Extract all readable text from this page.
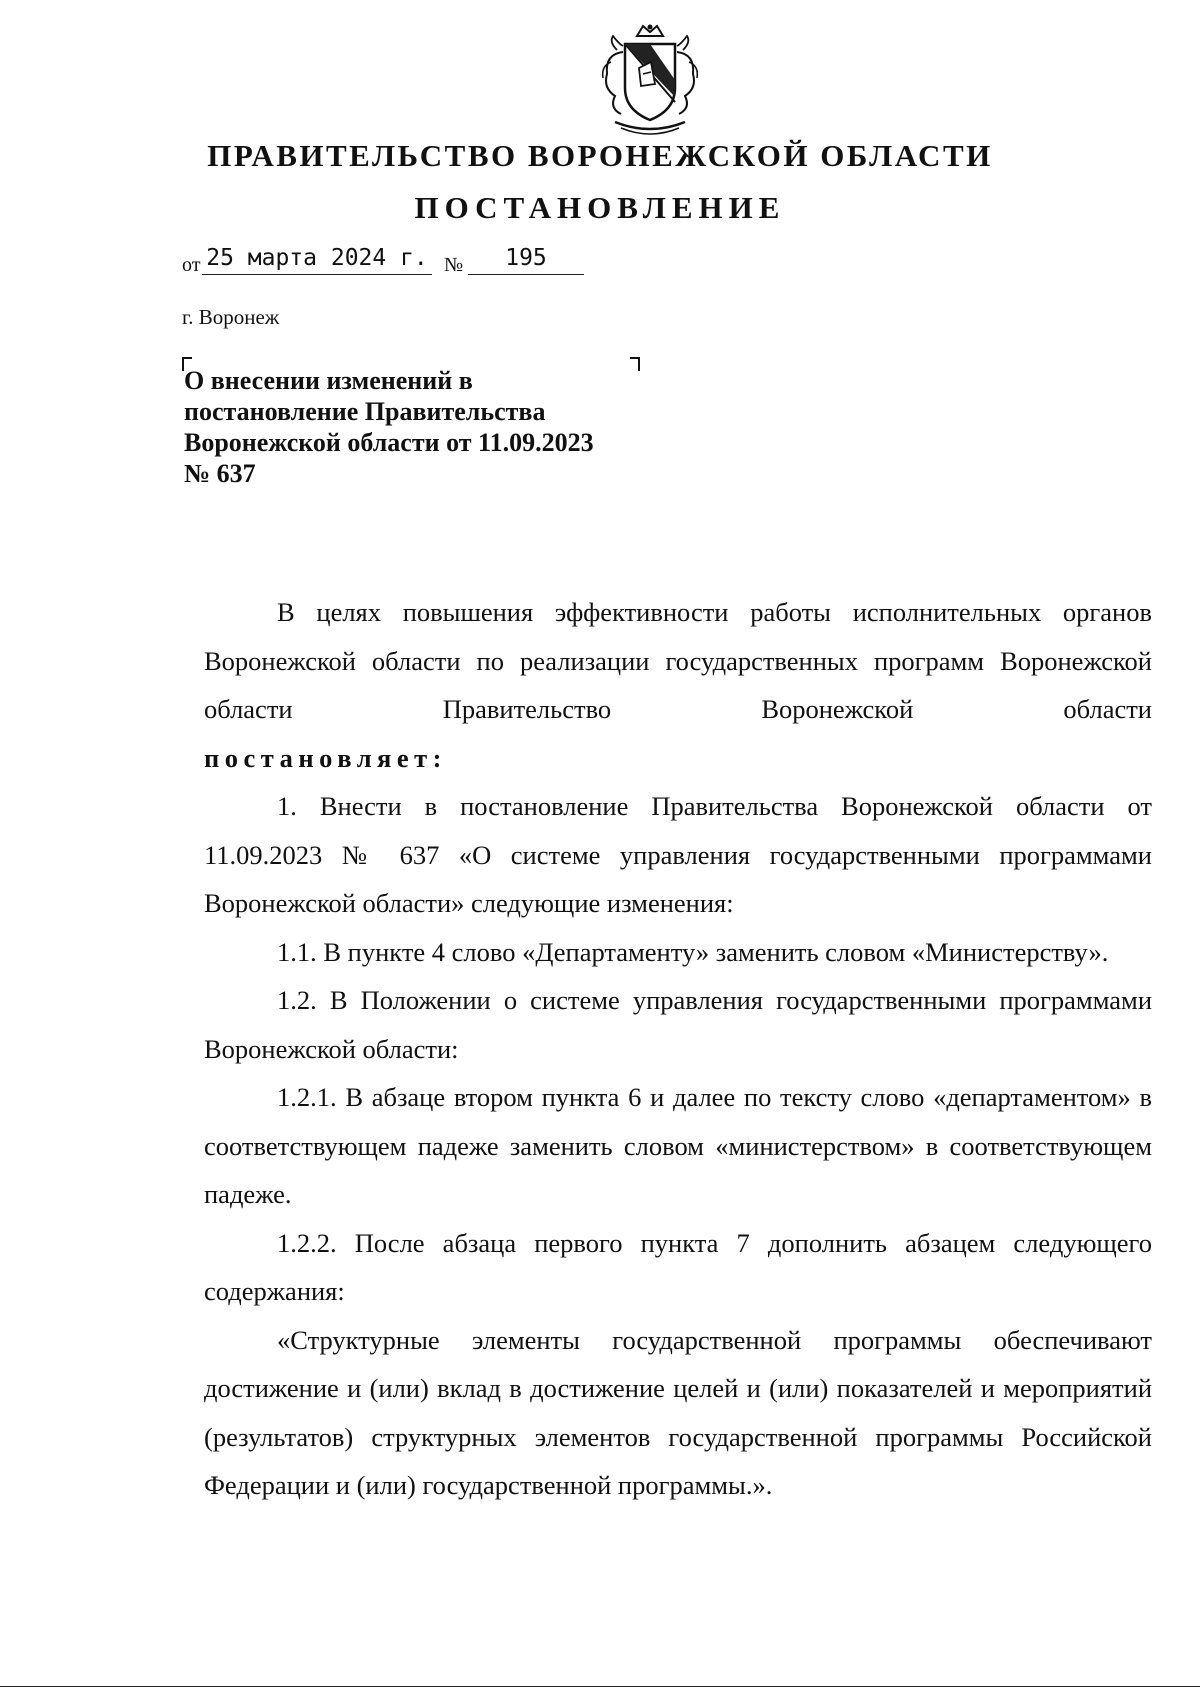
ПРАВИТЕЛЬСТВО ВОРОНЕЖСКОЙ ОБЛАСТИ
ПОСТАНОВЛЕНИЕ
от 25 марта 2024 г. №	195
г. Воронеж
О внесении изменений в
постановление Правительства
Воронежской области от 11.09.2023
№ 637

В целях повышения эффективности работы исполнительных органов Воронежской области по реализации государственных программ Воронежской области Правительство Воронежской области

постановляет:

1. Внести в постановление Правительства Воронежской области от 11.09.2023 № 637 «О системе управления государственными программами Воронежской области» следующие изменения:

1.1. В пункте 4 слово «Департаменту» заменить словом «Министерству».

1.2. В Положении о системе управления государственными программами Воронежской области:

1.2.1. В абзаце втором пункта 6 и далее по тексту слово «департаментом» в соответствующем падеже заменить словом «министерством» в соответствующем падеже.

1.2.2. После абзаца первого пункта 7 дополнить абзацем следующего содержания:

«Структурные элементы государственной программы обеспечивают достижение и (или) вклад в достижение целей и (или) показателей и мероприятий (результатов) структурных элементов государственной программы Российской Федерации и (или) государственной программы.».
